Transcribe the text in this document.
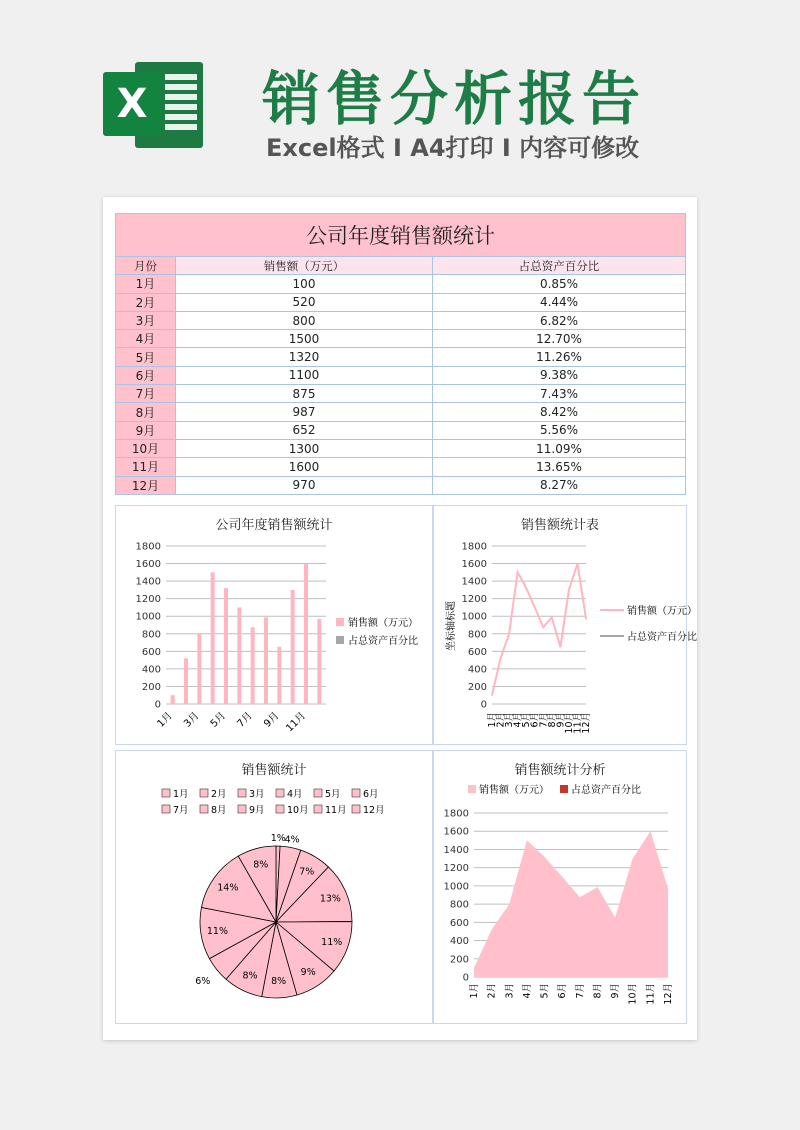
X 销售分析报告
Excel格式 I A4打印 I 内容可修改
公司年度销售额统计		
月份	销售额（万元）	占总资产百分比
1月	100	0.85%
2月	520	4.44%
3月	800	6.82%
4月	1500	12.70%
5月	1320	11.26%
6月	1100	9.38%
7月	875	7.43%
8月	987	8.42%
9月	652	5.56%
10月	1300	11.09%
11月	1600	13.65%
12月	970	8.27%
公司年度销售额统计
0
200
400
600
800
1000
1200
1400
1600
1800
1月 3月 5月 7月 9月 11月
销售额（万元）
占总资产百分比
销售额统计表
0
200
400
600
800
1000
1200
1400
1600
1800
1月
2月
3月
4月
5月
6月
7月
8月
9月
10月
11月
12月
坐标轴标题	销售额（万元）
占总资产百分比
销售额统计
1月 2月 3月 4月 5月 6月
7月 8月 9月 10月 11月 12月
1%
4%
7%
13%
11%
9%
8%
8%
6%
11%
14%
8%
销售额统计分析
0
200
400
600
800
1000
1200
1400
1600
1800
1月 2月 3月 4月 5月 6月 7月 8月 9月 10月 11月 12月
销售额（万元） 占总资产百分比
